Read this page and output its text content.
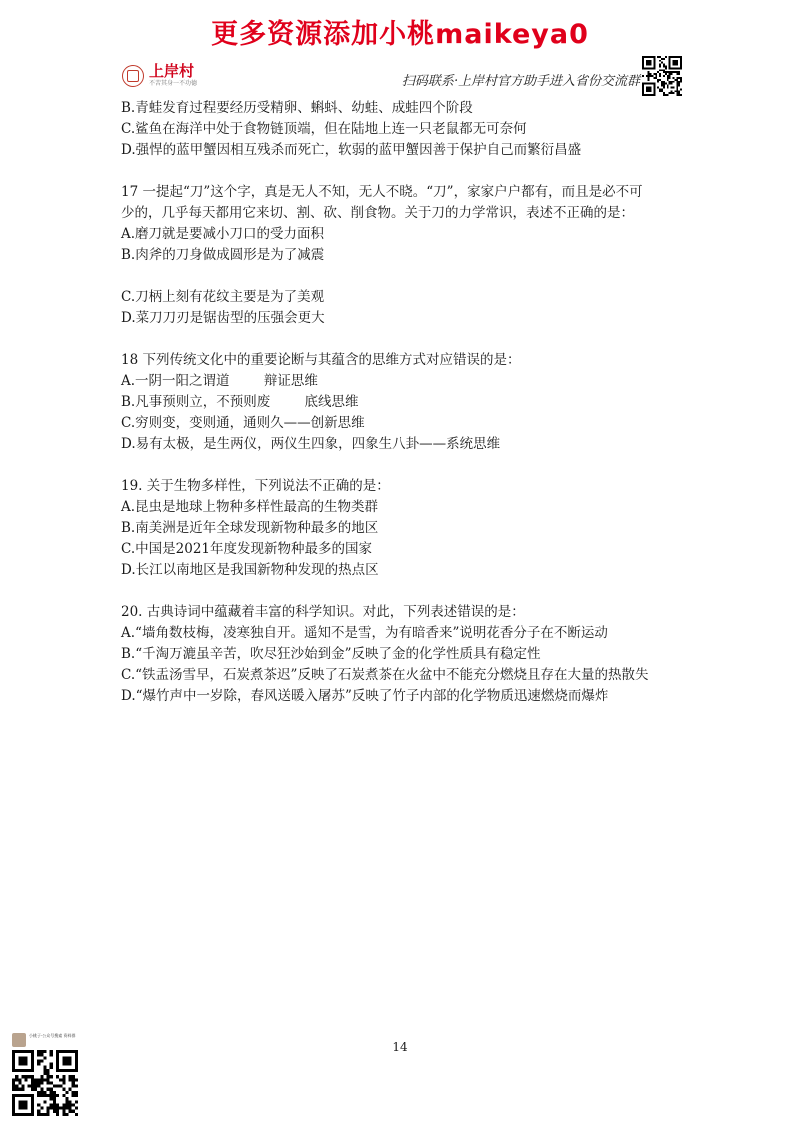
更多资源添加小桃maikeya0
上岸村
不苦其身一不功德	扫码联系·上岸村官方助手进入省份交流群
B.青蛙发育过程要经历受精卵、蝌蚪、幼蛙、成蛙四个阶段
C.鲨鱼在海洋中处于食物链顶端，但在陆地上连一只老鼠都无可奈何
D.强悍的蓝甲蟹因相互残杀而死亡，软弱的蓝甲蟹因善于保护自己而繁衍昌盛
17 一提起“刀”这个字，真是无人不知，无人不晓。“刀”，家家户户都有，而且是必不可
少的，几乎每天都用它来切、割、砍、削食物。关于刀的力学常识，表述不正确的是：
A.磨刀就是要减小刀口的受力面积
B.肉斧的刀身做成圆形是为了减震
C.刀柄上刻有花纹主要是为了美观
D.菜刀刀刃是锯齿型的压强会更大
18 下列传统文化中的重要论断与其蕴含的思维方式对应错误的是：
A.一阴一阳之谓道        辩证思维
B.凡事预则立，不预则废        底线思维
C.穷则变，变则通，通则久——创新思维
D.易有太极，是生两仪，两仪生四象，四象生八卦——系统思维
19. 关于生物多样性，下列说法不正确的是：
A.昆虫是地球上物种多样性最高的生物类群
B.南美洲是近年全球发现新物种最多的地区
C.中国是2021年度发现新物种最多的国家
D.长江以南地区是我国新物种发现的热点区
20. 古典诗词中蕴藏着丰富的科学知识。对此，下列表述错误的是：
A.“墙角数枝梅，凌寒独自开。遥知不是雪，为有暗香来”说明花香分子在不断运动
B.“千淘万漉虽辛苦，吹尽狂沙始到金”反映了金的化学性质具有稳定性
C.“铁盂汤雪早，石炭煮茶迟”反映了石炭煮茶在火盆中不能充分燃烧且存在大量的热散失
D.“爆竹声中一岁除，春风送暖入屠苏”反映了竹子内部的化学物质迅速燃烧而爆炸
小桃子·公众号搜索 资料群
14
